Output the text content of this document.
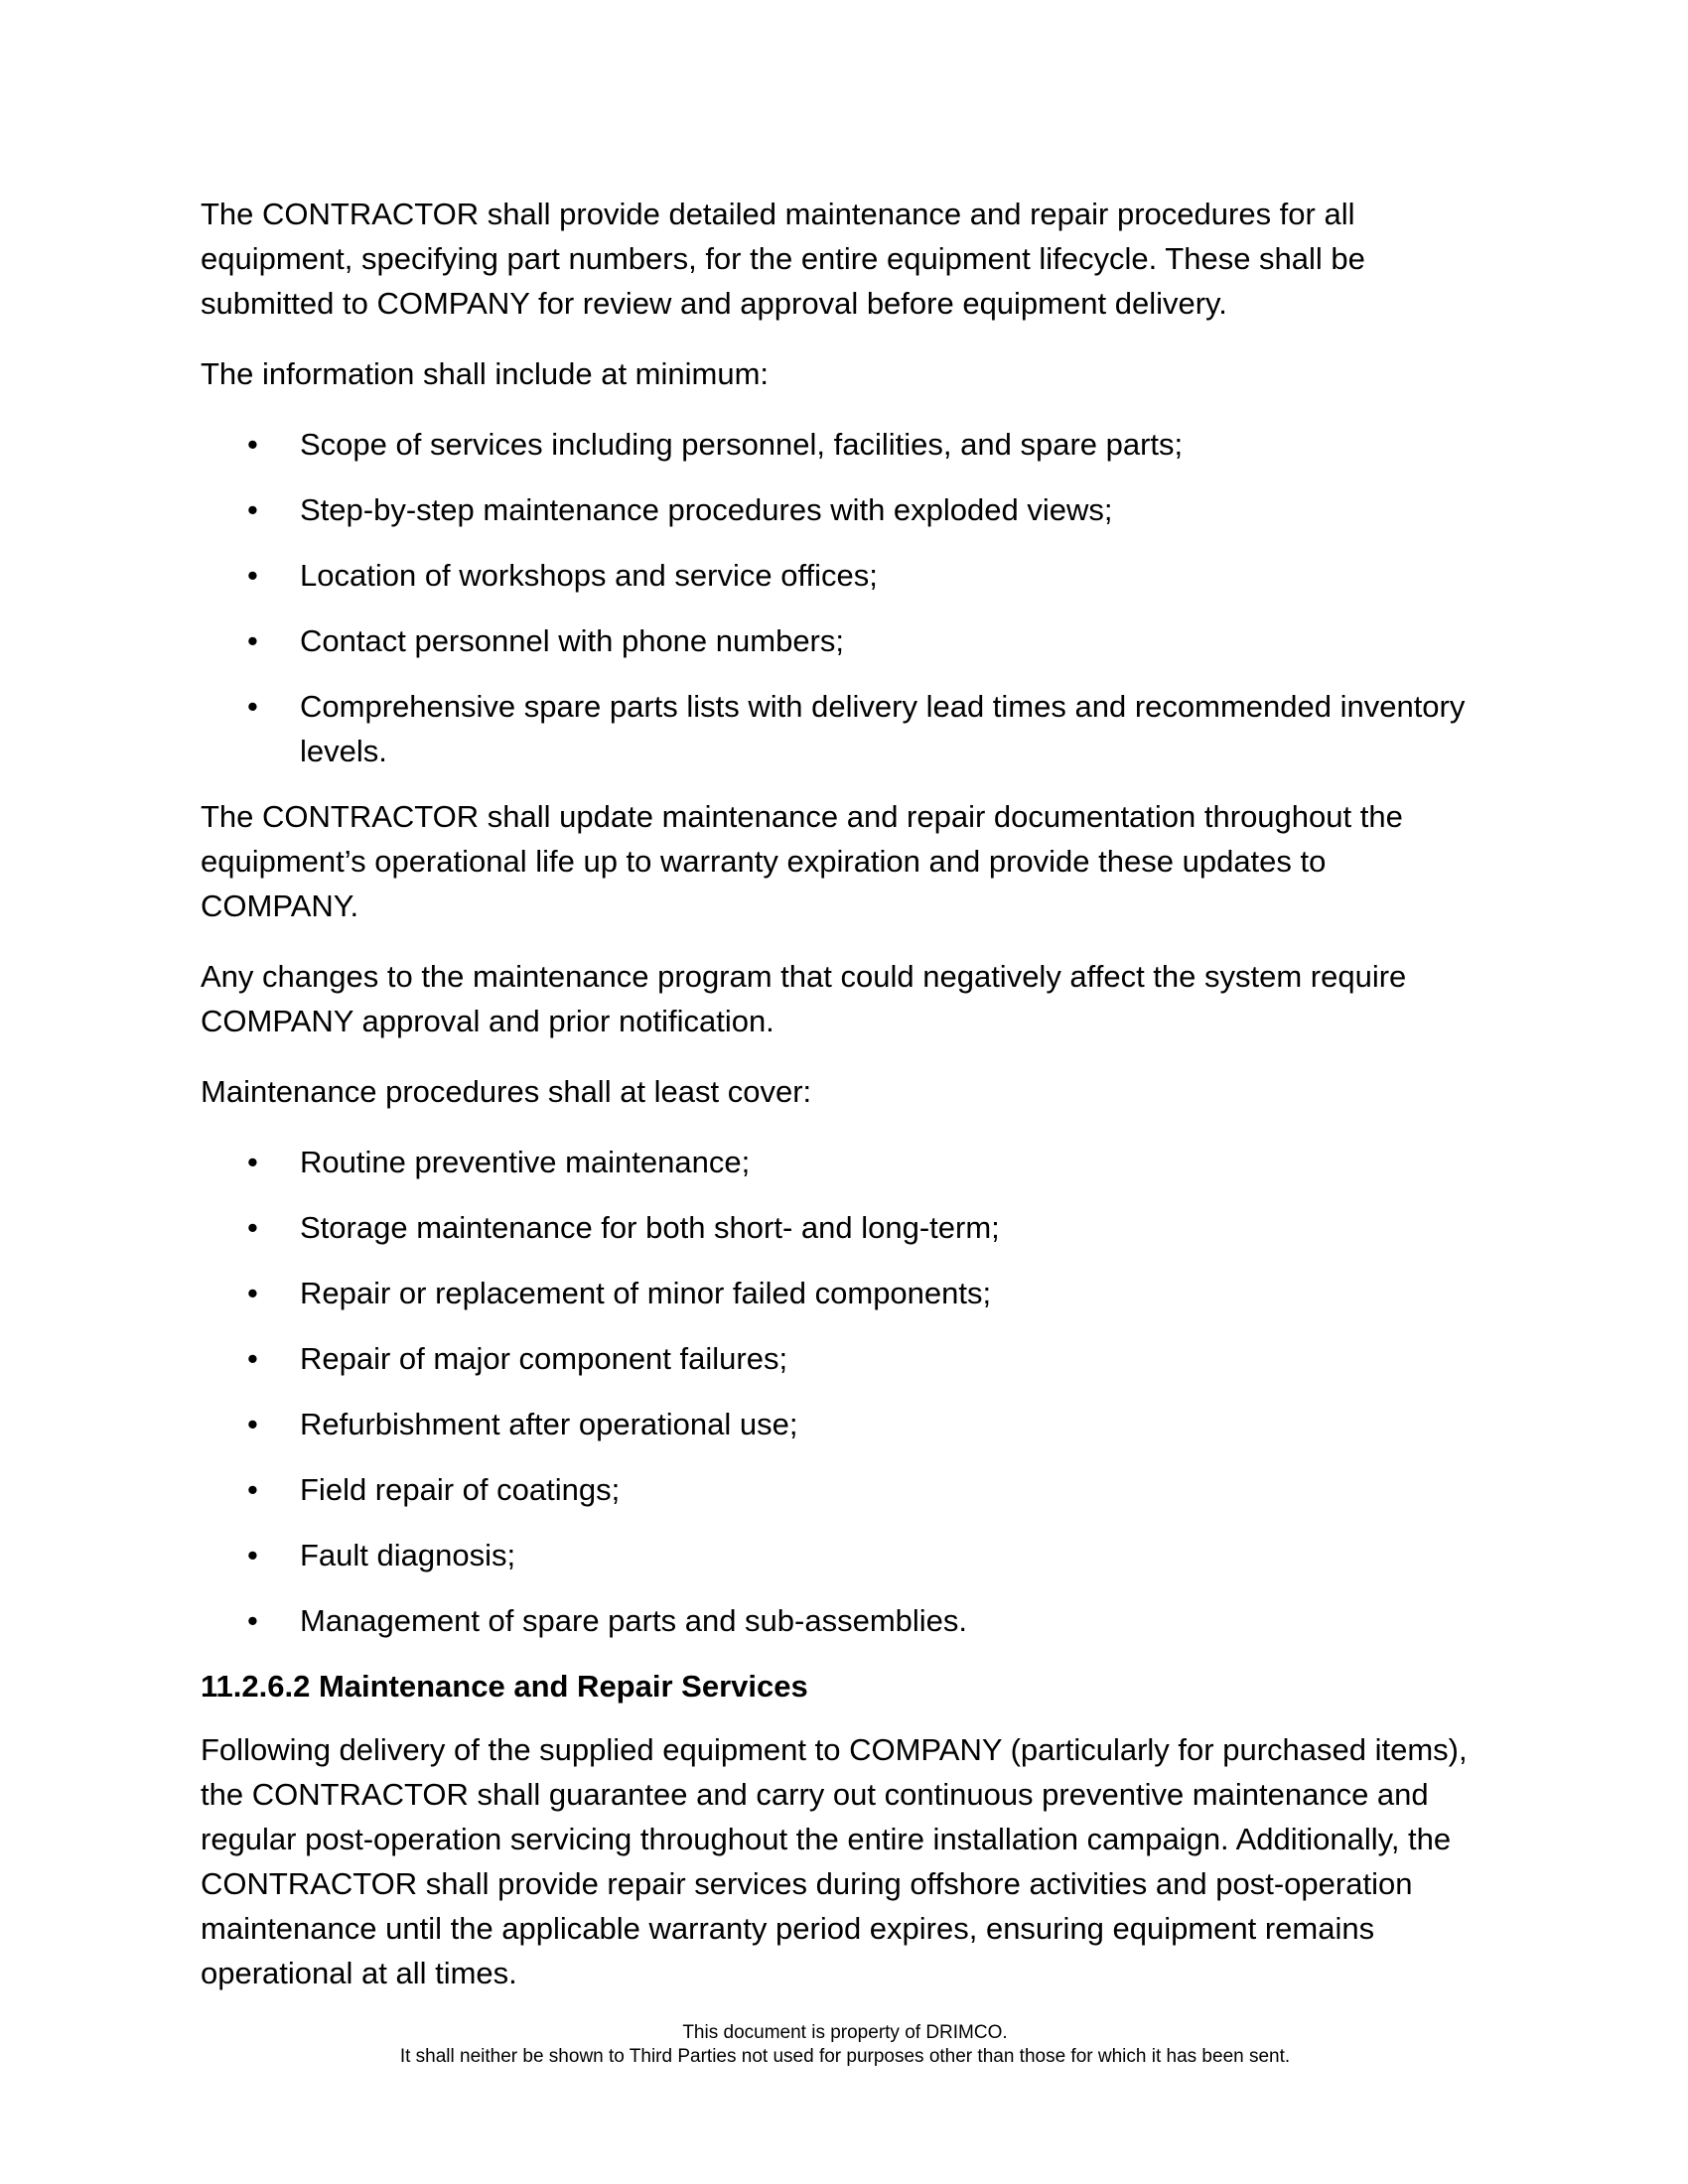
The CONTRACTOR shall provide detailed maintenance and repair procedures for all equipment, specifying part numbers, for the entire equipment lifecycle. These shall be submitted to COMPANY for review and approval before equipment delivery.

The information shall include at minimum:

• Scope of services including personnel, facilities, and spare parts;
• Step-by-step maintenance procedures with exploded views;
• Location of workshops and service offices;
• Contact personnel with phone numbers;
• Comprehensive spare parts lists with delivery lead times and recommended inventory levels.

The CONTRACTOR shall update maintenance and repair documentation throughout the equipment’s operational life up to warranty expiration and provide these updates to COMPANY.

Any changes to the maintenance program that could negatively affect the system require COMPANY approval and prior notification.

Maintenance procedures shall at least cover:

• Routine preventive maintenance;
• Storage maintenance for both short- and long-term;
• Repair or replacement of minor failed components;
• Repair of major component failures;
• Refurbishment after operational use;
• Field repair of coatings;
• Fault diagnosis;
• Management of spare parts and sub-assemblies.
11.2.6.2 Maintenance and Repair Services

Following delivery of the supplied equipment to COMPANY (particularly for purchased items), the CONTRACTOR shall guarantee and carry out continuous preventive maintenance and regular post-operation servicing throughout the entire installation campaign. Additionally, the CONTRACTOR shall provide repair services during offshore activities and post-operation maintenance until the applicable warranty period expires, ensuring equipment remains operational at all times.

This document is property of DRIMCO.
It shall neither be shown to Third Parties not used for purposes other than those for which it has been sent.
